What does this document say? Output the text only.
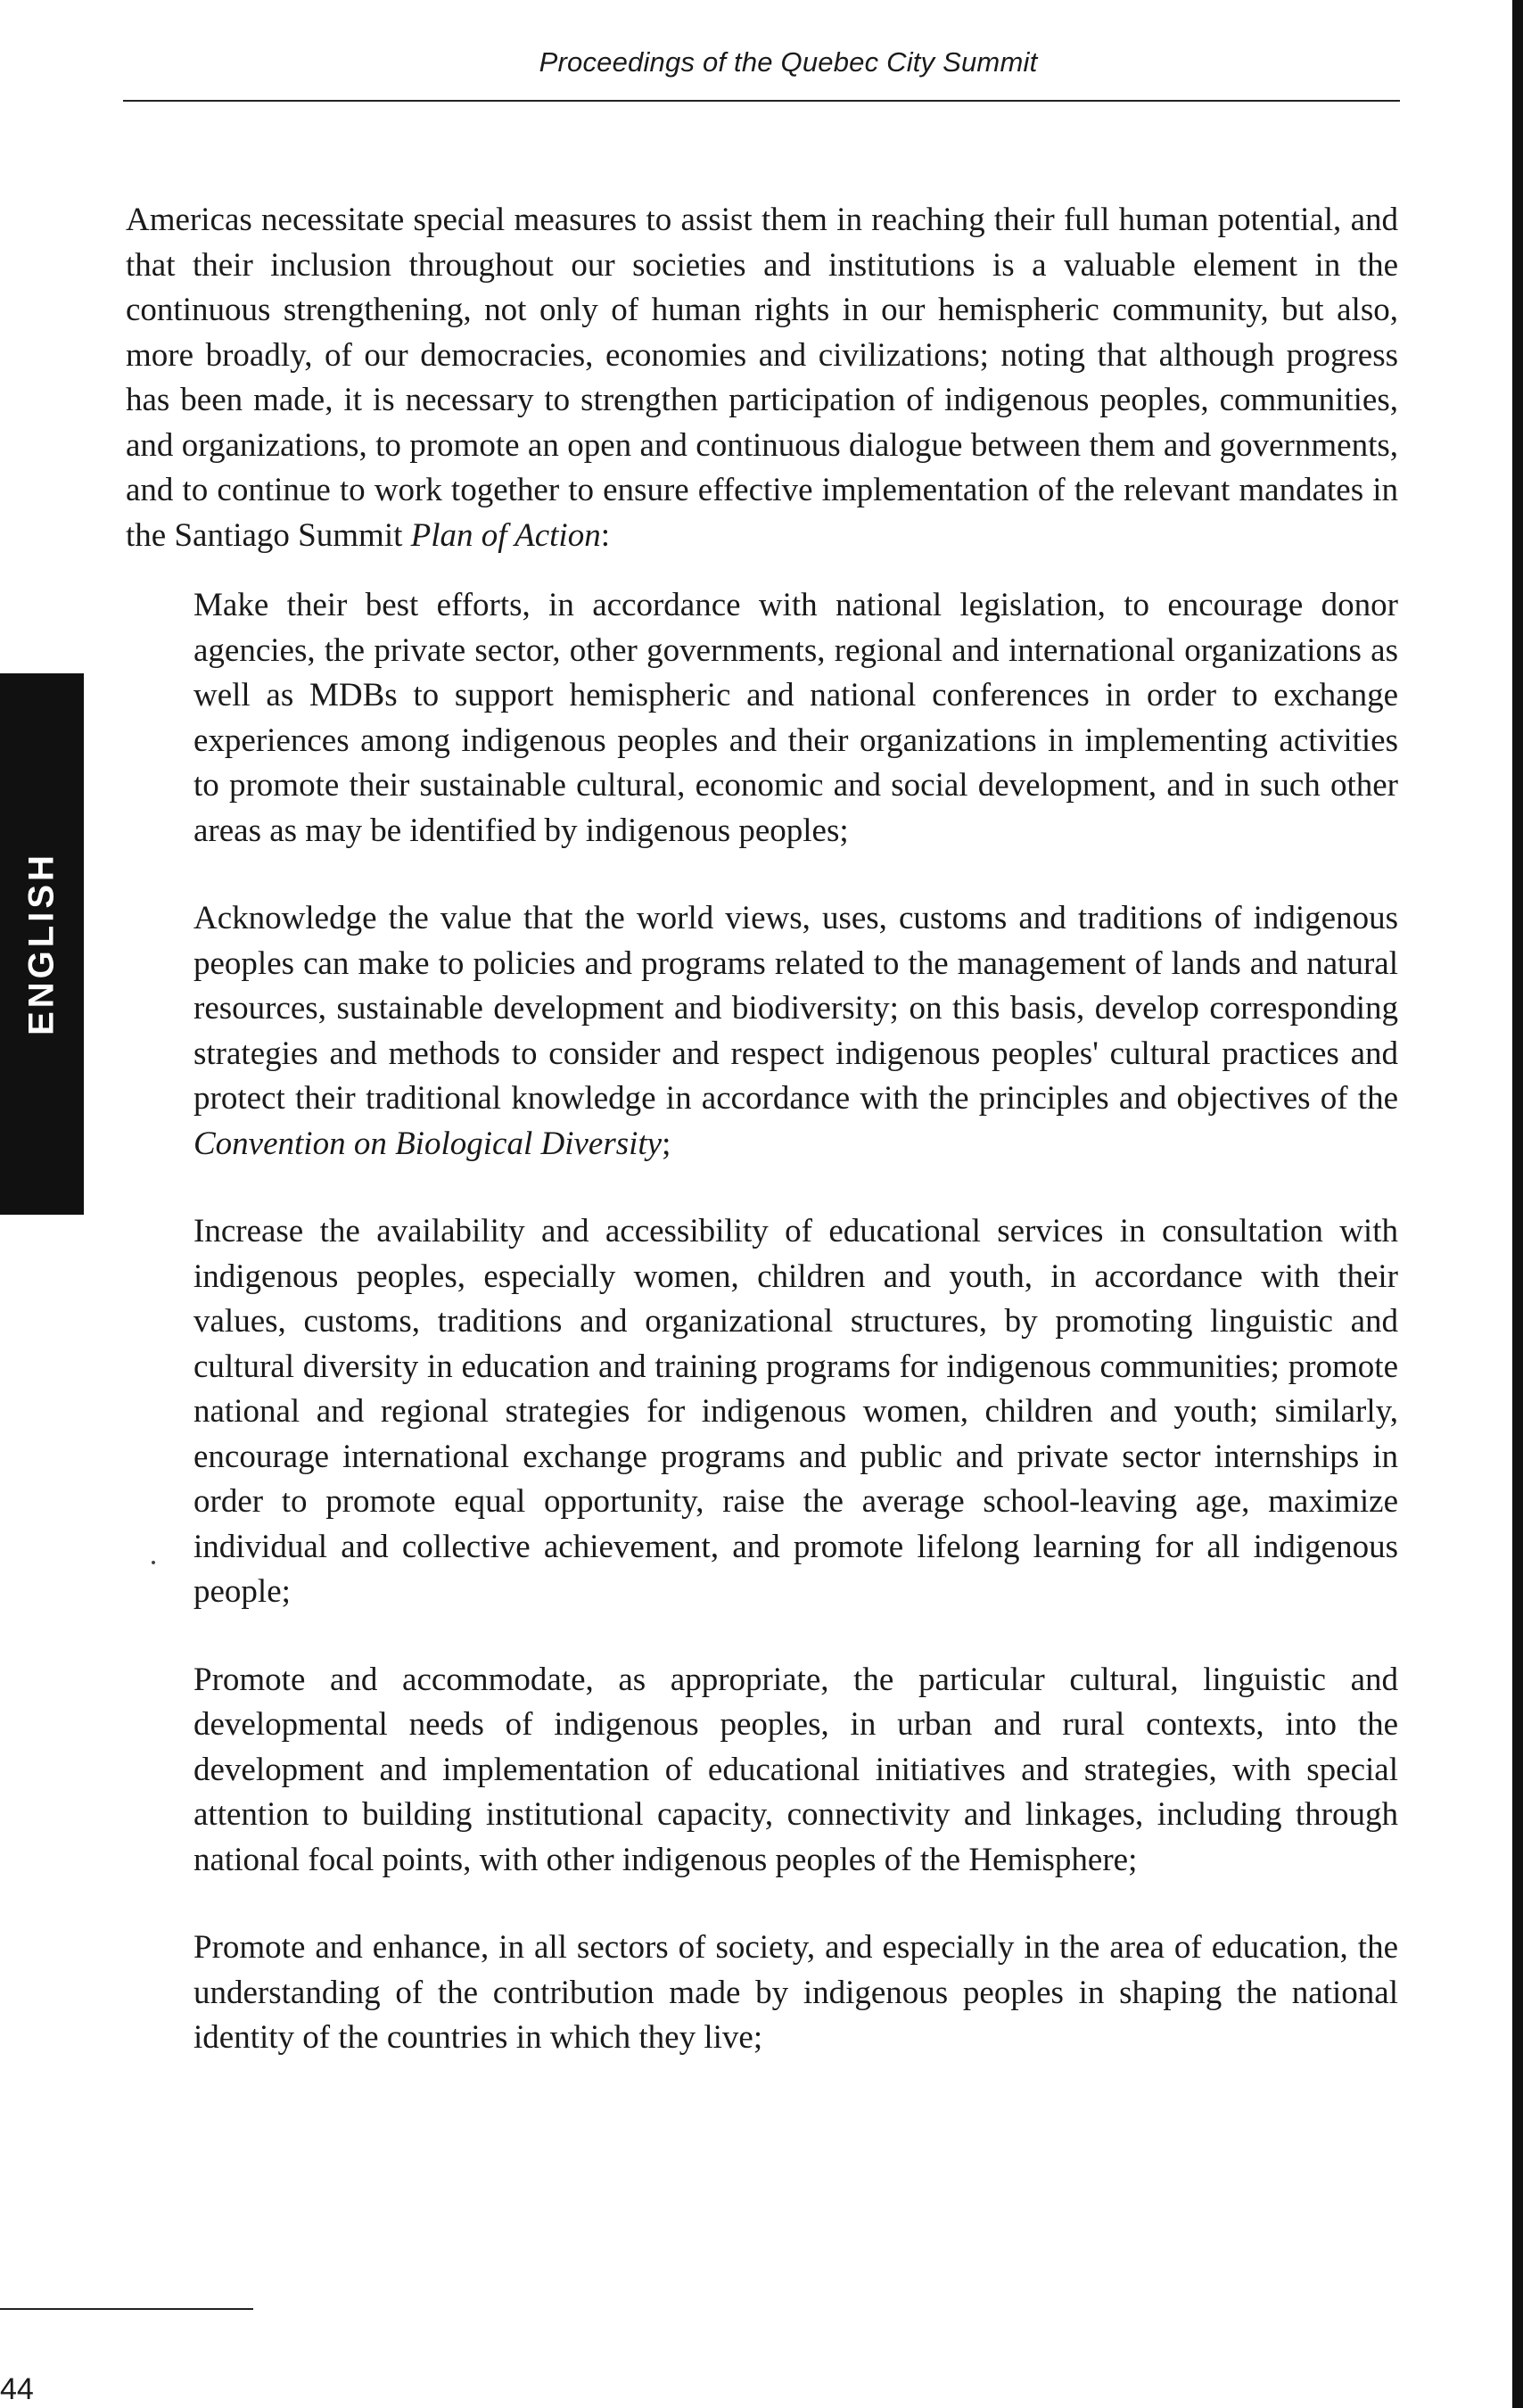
Proceedings of the Quebec City Summit
ENGLISH

Americas necessitate special measures to assist them in reaching their full human potential, and that their inclusion throughout our societies and institutions is a valuable element in the continuous strengthening, not only of human rights in our hemispheric community, but also, more broadly, of our democracies, economies and civilizations; noting that although progress has been made, it is necessary to strengthen participation of indigenous peoples, communities, and organizations, to promote an open and continuous dialogue between them and governments, and to continue to work together to ensure effective implementation of the relevant mandates in the Santiago Summit Plan of Action:

Make their best efforts, in accordance with national legislation, to encourage donor agencies, the private sector, other governments, regional and international organizations as well as MDBs to support hemispheric and national conferences in order to exchange experiences among indigenous peoples and their organizations in implementing activities to promote their sustainable cultural, economic and social development, and in such other areas as may be identified by indigenous peoples;

Acknowledge the value that the world views, uses, customs and traditions of indigenous peoples can make to policies and programs related to the management of lands and natural resources, sustainable development and biodiversity; on this basis, develop corresponding strategies and methods to consider and respect indigenous peoples' cultural practices and protect their traditional knowledge in accordance with the principles and objectives of the Convention on Biological Diversity;

Increase the availability and accessibility of educational services in consultation with indigenous peoples, especially women, children and youth, in accordance with their values, customs, traditions and organizational structures, by promoting linguistic and cultural diversity in education and training programs for indigenous communities; promote national and regional strategies for indigenous women, children and youth; similarly, encourage international exchange programs and public and private sector internships in order to promote equal opportunity, raise the average school-leaving age, maximize individual and collective achievement, and promote lifelong learning for all indigenous people;

Promote and accommodate, as appropriate, the particular cultural, linguistic and developmental needs of indigenous peoples, in urban and rural contexts, into the development and implementation of educational initiatives and strategies, with special attention to building institutional capacity, connectivity and linkages, including through national focal points, with other indigenous peoples of the Hemisphere;

Promote and enhance, in all sectors of society, and especially in the area of education, the understanding of the contribution made by indigenous peoples in shaping the national identity of the countries in which they live;

44
